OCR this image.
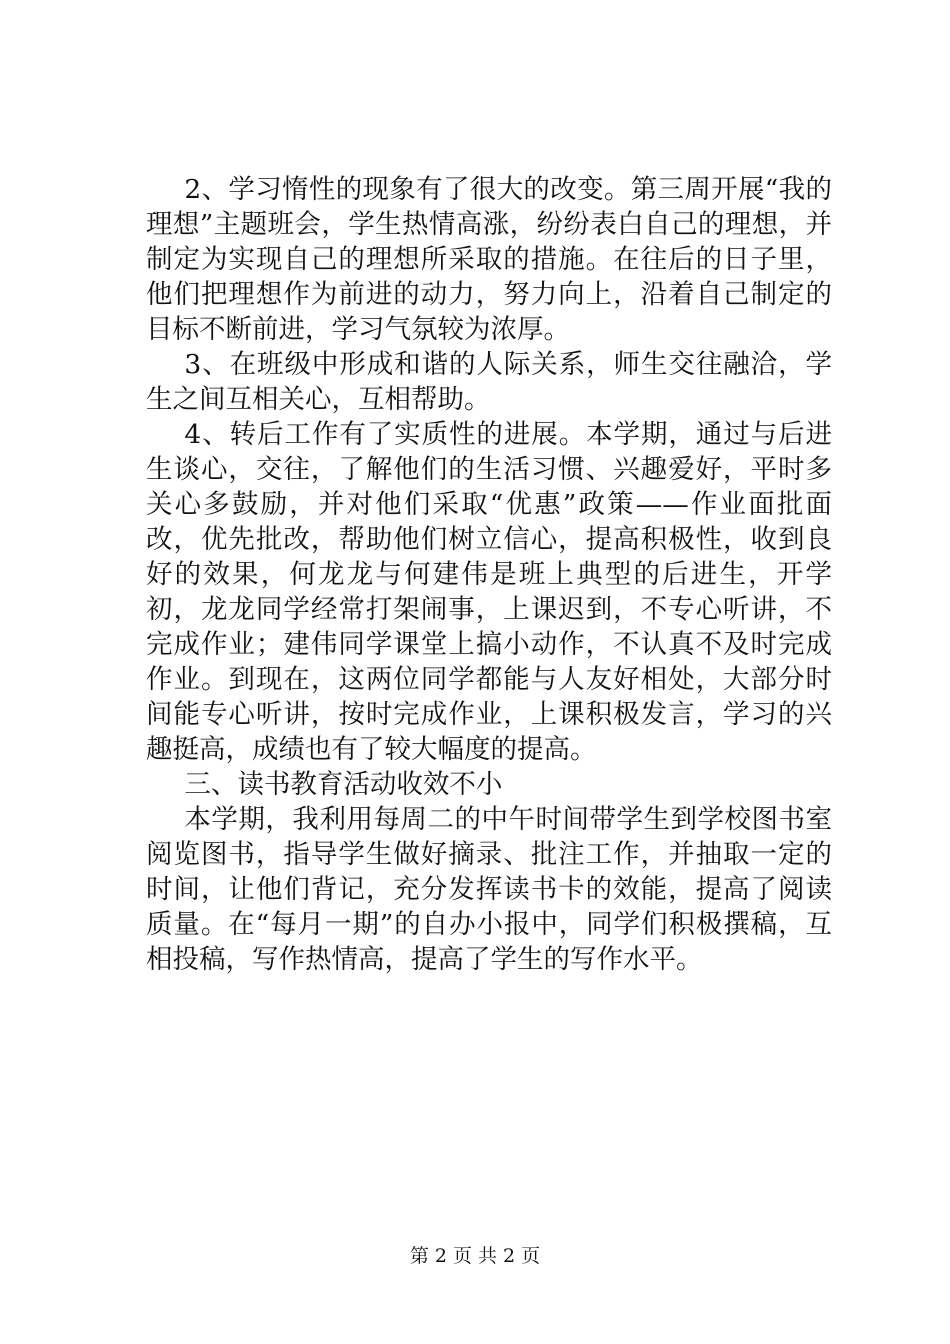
2、学习惰性的现象有了很大的改变。第三周开展“我的理想”主题班会，学生热情高涨，纷纷表白自己的理想，并制定为实现自己的理想所采取的措施。在往后的日子里，他们把理想作为前进的动力，努力向上，沿着自己制定的目标不断前进，学习气氛较为浓厚。

3、在班级中形成和谐的人际关系，师生交往融洽，学生之间互相关心，互相帮助。

4、转后工作有了实质性的进展。本学期，通过与后进生谈心，交往，了解他们的生活习惯、兴趣爱好，平时多关心多鼓励，并对他们采取“优惠”政策——作业面批面改，优先批改，帮助他们树立信心，提高积极性，收到良好的效果，何龙龙与何建伟是班上典型的后进生，开学初，龙龙同学经常打架闹事，上课迟到，不专心听讲，不完成作业；建伟同学课堂上搞小动作，不认真不及时完成作业。到现在，这两位同学都能与人友好相处，大部分时间能专心听讲，按时完成作业，上课积极发言，学习的兴趣挺高，成绩也有了较大幅度的提高。

三、读书教育活动收效不小

本学期，我利用每周二的中午时间带学生到学校图书室阅览图书，指导学生做好摘录、批注工作，并抽取一定的时间，让他们背记，充分发挥读书卡的效能，提高了阅读质量。在“每月一期”的自办小报中，同学们积极撰稿，互相投稿，写作热情高，提高了学生的写作水平。

第 2 页 共 2 页
